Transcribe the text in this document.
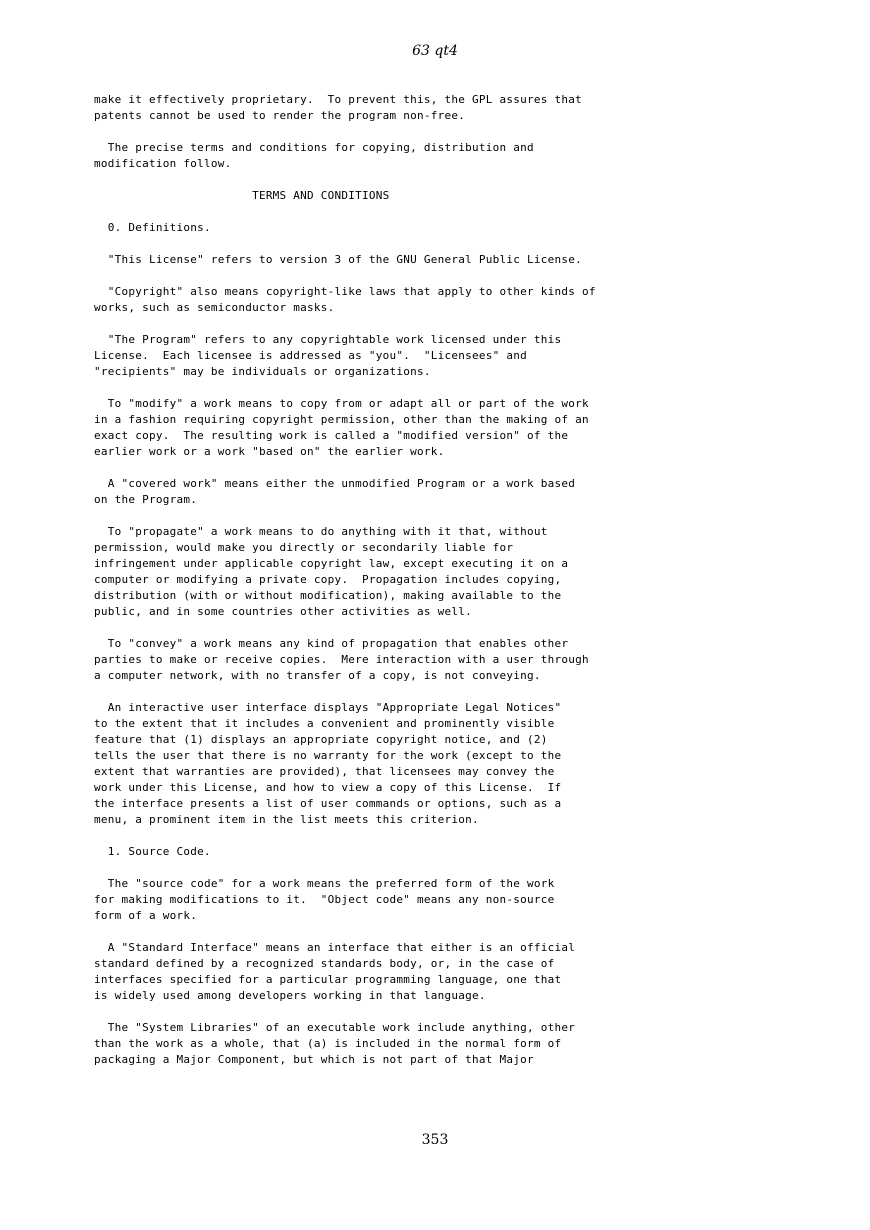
63 qt4
make it effectively proprietary.  To prevent this, the GPL assures that
patents cannot be used to render the program non-free.
The precise terms and conditions for copying, distribution and
modification follow.
TERMS AND CONDITIONS
0. Definitions.
"This License" refers to version 3 of the GNU General Public License.
"Copyright" also means copyright-like laws that apply to other kinds of
works, such as semiconductor masks.
"The Program" refers to any copyrightable work licensed under this
License.  Each licensee is addressed as "you".  "Licensees" and
"recipients" may be individuals or organizations.
To "modify" a work means to copy from or adapt all or part of the work
in a fashion requiring copyright permission, other than the making of an
exact copy.  The resulting work is called a "modified version" of the
earlier work or a work "based on" the earlier work.
A "covered work" means either the unmodified Program or a work based
on the Program.
To "propagate" a work means to do anything with it that, without
permission, would make you directly or secondarily liable for
infringement under applicable copyright law, except executing it on a
computer or modifying a private copy.  Propagation includes copying,
distribution (with or without modification), making available to the
public, and in some countries other activities as well.
To "convey" a work means any kind of propagation that enables other
parties to make or receive copies.  Mere interaction with a user through
a computer network, with no transfer of a copy, is not conveying.
An interactive user interface displays "Appropriate Legal Notices"
to the extent that it includes a convenient and prominently visible
feature that (1) displays an appropriate copyright notice, and (2)
tells the user that there is no warranty for the work (except to the
extent that warranties are provided), that licensees may convey the
work under this License, and how to view a copy of this License.  If
the interface presents a list of user commands or options, such as a
menu, a prominent item in the list meets this criterion.
1. Source Code.
The "source code" for a work means the preferred form of the work
for making modifications to it.  "Object code" means any non-source
form of a work.
A "Standard Interface" means an interface that either is an official
standard defined by a recognized standards body, or, in the case of
interfaces specified for a particular programming language, one that
is widely used among developers working in that language.
The "System Libraries" of an executable work include anything, other
than the work as a whole, that (a) is included in the normal form of
packaging a Major Component, but which is not part of that Major
353
